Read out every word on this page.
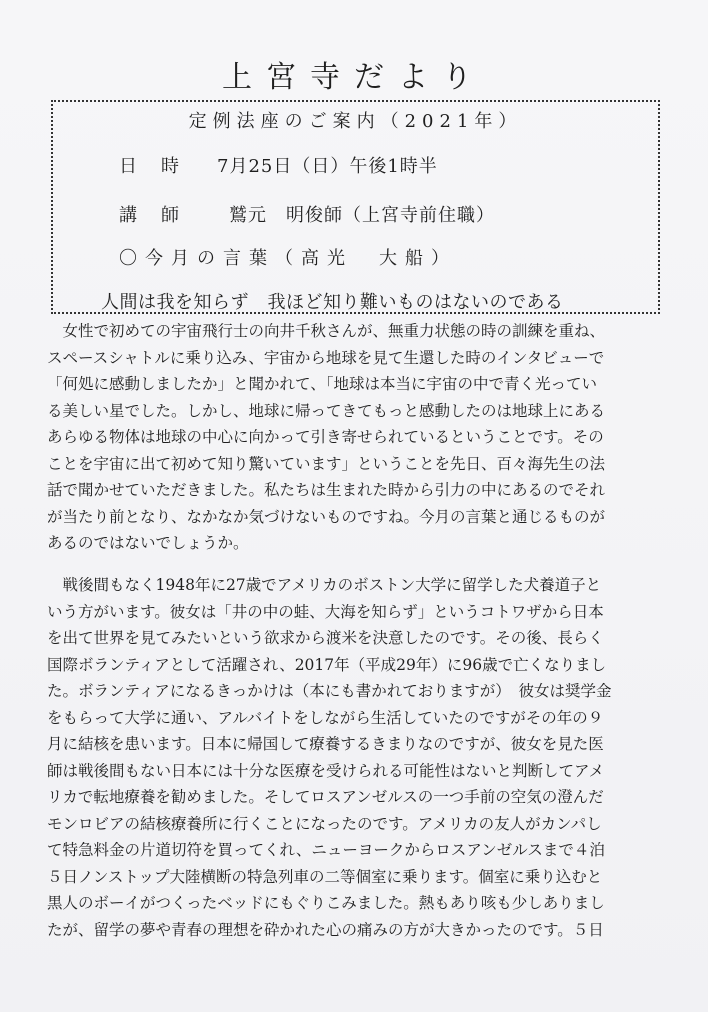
上宮寺だより
定例法座のご案内（2021年）
日時 7月25日（日）午後1時半
講師 鷲元　明俊師（上宮寺前住職）
〇今月の言葉（高光　大船）
人間は我を知らず　我ほど知り難いものはないのである
　女性で初めての宇宙飛行士の向井千秋さんが、無重力状態の時の訓練を重ね、
スペースシャトルに乗り込み、宇宙から地球を見て生還した時のインタビューで
「何処に感動しましたか」と聞かれて、「地球は本当に宇宙の中で青く光ってい
る美しい星でした。しかし、地球に帰ってきてもっと感動したのは地球上にある
あらゆる物体は地球の中心に向かって引き寄せられているということです。その
ことを宇宙に出て初めて知り驚いています」ということを先日、百々海先生の法
話で聞かせていただきました。私たちは生まれた時から引力の中にあるのでそれ
が当たり前となり、なかなか気づけないものですね。今月の言葉と通じるものが
あるのではないでしょうか。
　戦後間もなく1948年に27歳でアメリカのボストン大学に留学した犬養道子と
いう方がいます。彼女は「井の中の蛙、大海を知らず」というコトワザから日本
を出て世界を見てみたいという欲求から渡米を決意したのです。その後、長らく
国際ボランティアとして活躍され、2017年（平成29年）に96歳で亡くなりまし
た。ボランティアになるきっかけは（本にも書かれておりますが）　彼女は奨学金
をもらって大学に通い、アルバイトをしながら生活していたのですがその年の９
月に結核を患います。日本に帰国して療養するきまりなのですが、彼女を見た医
師は戦後間もない日本には十分な医療を受けられる可能性はないと判断してアメ
リカで転地療養を勧めました。そしてロスアンゼルスの一つ手前の空気の澄んだ
モンロビアの結核療養所に行くことになったのです。アメリカの友人がカンパし
て特急料金の片道切符を買ってくれ、ニューヨークからロスアンゼルスまで４泊
５日ノンストップ大陸横断の特急列車の二等個室に乗ります。個室に乗り込むと
黒人のボーイがつくったベッドにもぐりこみました。熱もあり咳も少しありまし
たが、留学の夢や青春の理想を砕かれた心の痛みの方が大きかったのです。５日
